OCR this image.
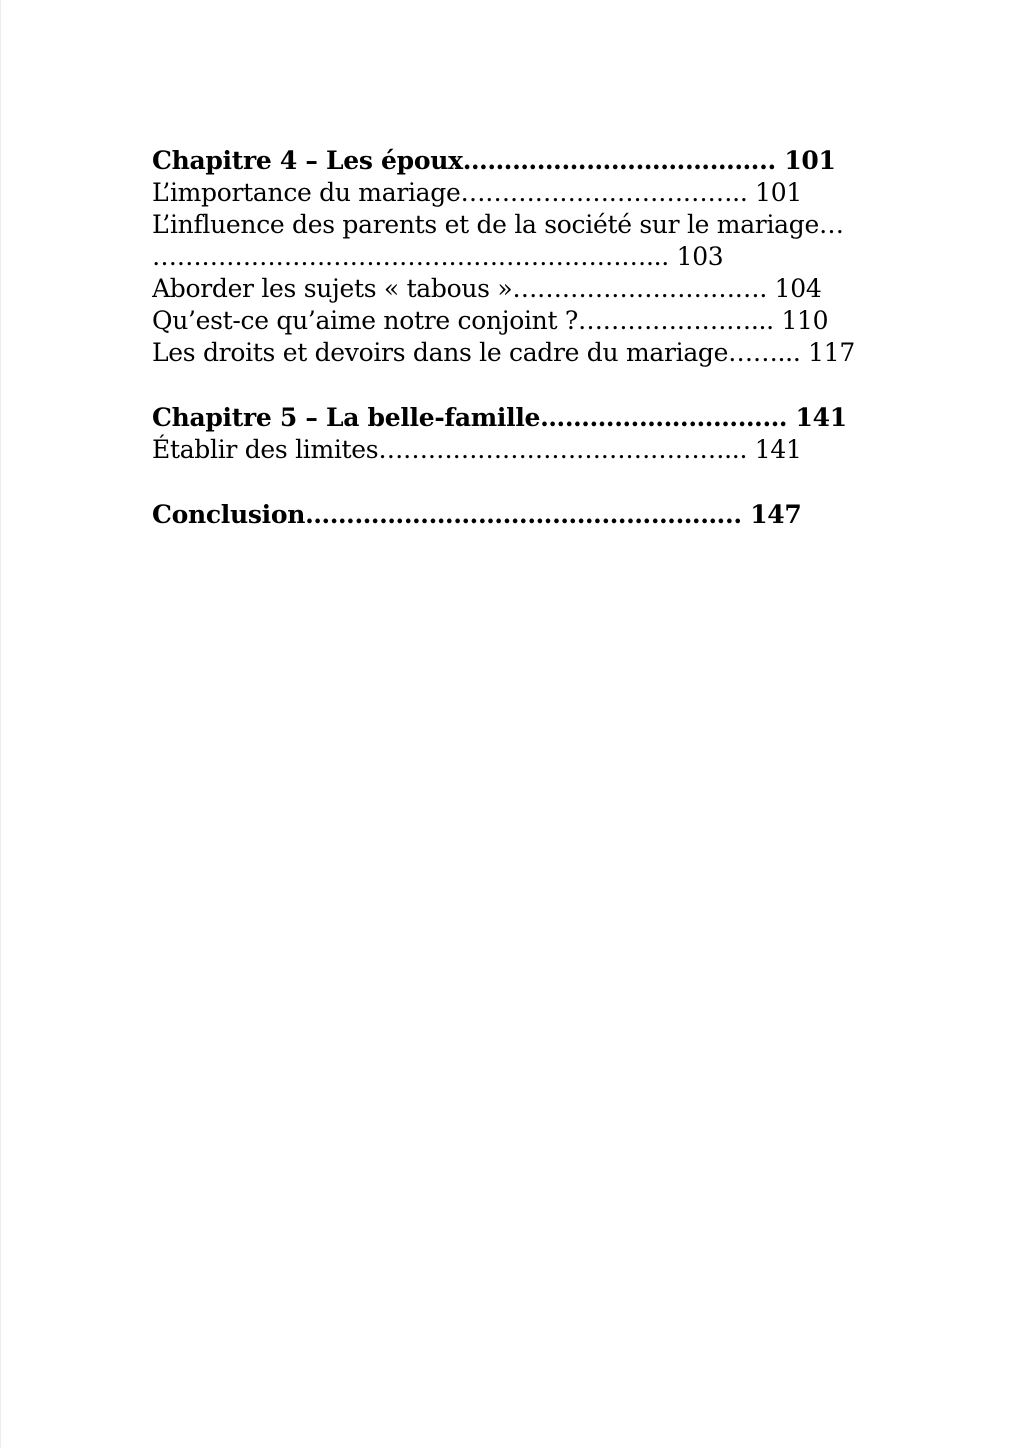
Chapitre 4 – Les époux……………………………….. 101
L’importance du mariage…………………………….. 101
L’influence des parents et de la société sur le mariage…
……………………………………………………... 103
Aborder les sujets « tabous »…………………………. 104
Qu’est-ce qu’aime notre conjoint ?…………………... 110
Les droits et devoirs dans le cadre du mariage……... 117
Chapitre 5 – La belle-famille………………………… 141
Établir des limites……………………………………... 141
Conclusion…………………………………………….. 147
